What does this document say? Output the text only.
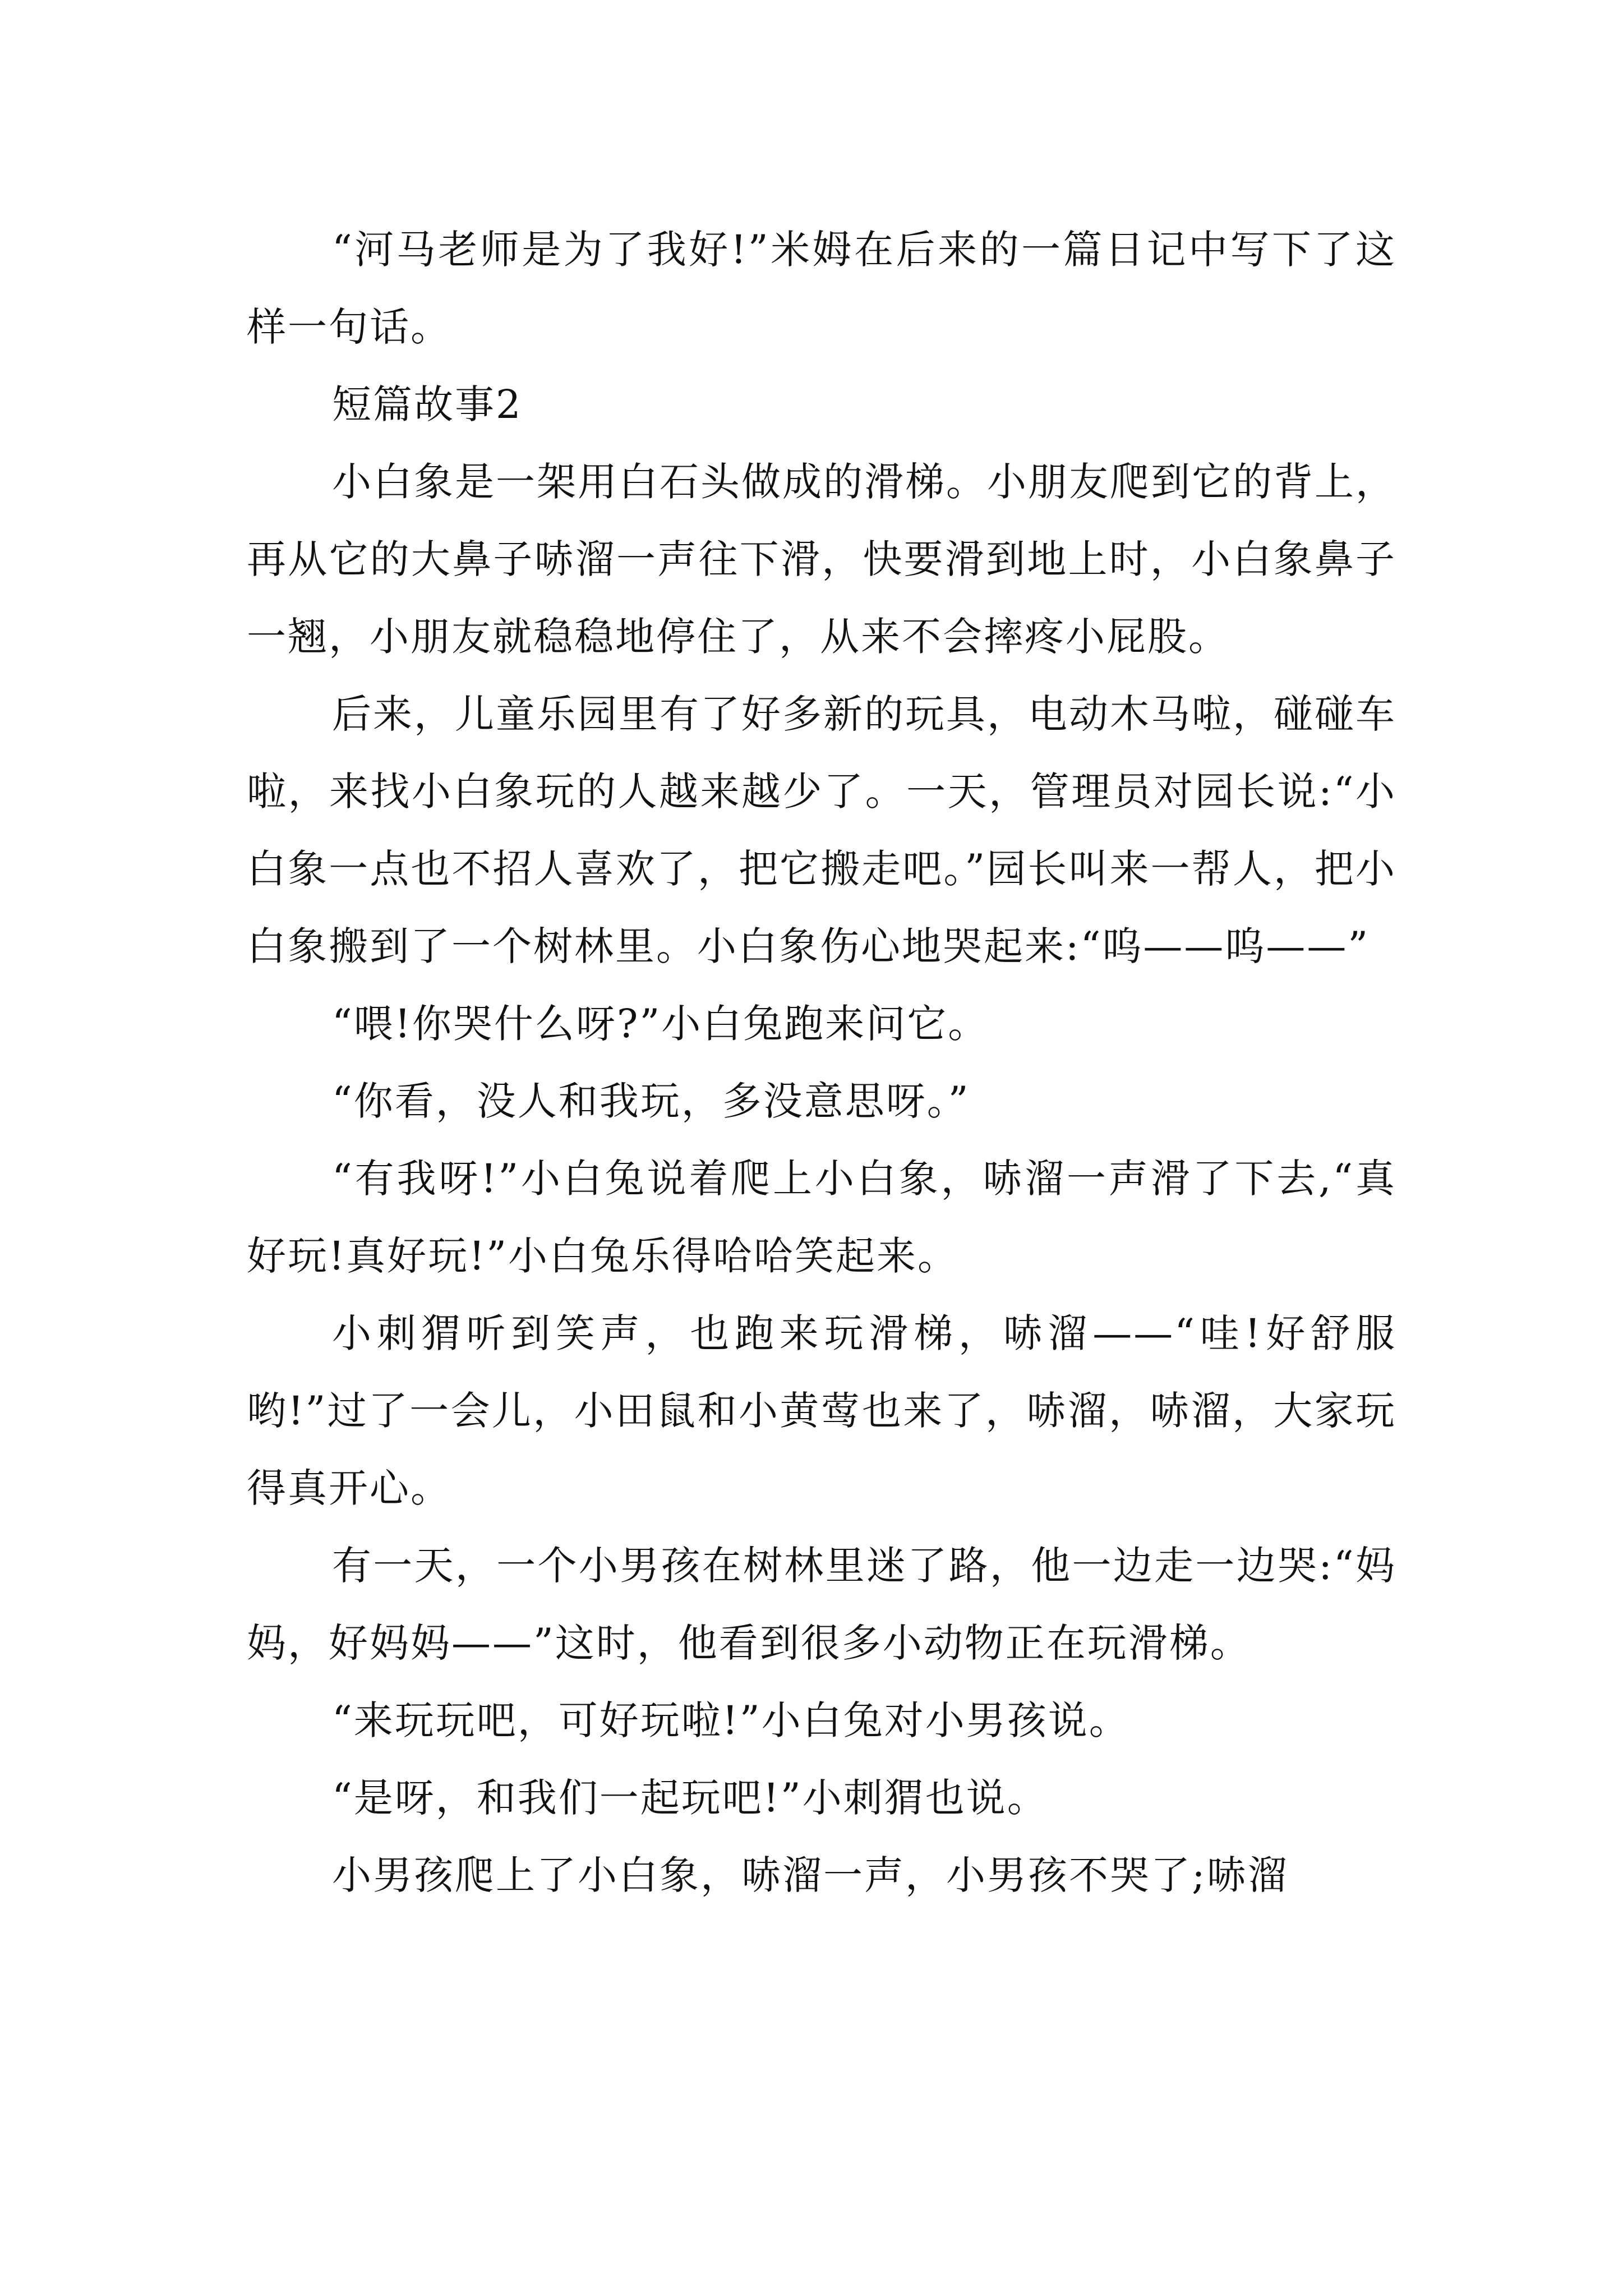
“河马老师是为了我好!”米姆在后来的一篇日记中写下了这样一句话。

短篇故事2

小白象是一架用白石头做成的滑梯。小朋友爬到它的背上，再从它的大鼻子哧溜一声往下滑，快要滑到地上时，小白象鼻子一翘，小朋友就稳稳地停住了，从来不会摔疼小屁股。

后来，儿童乐园里有了好多新的玩具，电动木马啦，碰碰车啦，来找小白象玩的人越来越少了。一天，管理员对园长说:“小白象一点也不招人喜欢了，把它搬走吧。”园长叫来一帮人，把小白象搬到了一个树林里。小白象伤心地哭起来:“呜——呜——”

“喂!你哭什么呀?”小白兔跑来问它。

“你看，没人和我玩，多没意思呀。”

“有我呀!”小白兔说着爬上小白象，哧溜一声滑了下去,“真好玩!真好玩!”小白兔乐得哈哈笑起来。

小刺猬听到笑声，也跑来玩滑梯，哧溜——“哇!好舒服哟!”过了一会儿，小田鼠和小黄莺也来了，哧溜，哧溜，大家玩得真开心。

有一天，一个小男孩在树林里迷了路，他一边走一边哭:“妈妈，好妈妈——”这时，他看到很多小动物正在玩滑梯。

“来玩玩吧，可好玩啦!”小白兔对小男孩说。

“是呀，和我们一起玩吧!”小刺猬也说。

小男孩爬上了小白象，哧溜一声，小男孩不哭了;哧溜
